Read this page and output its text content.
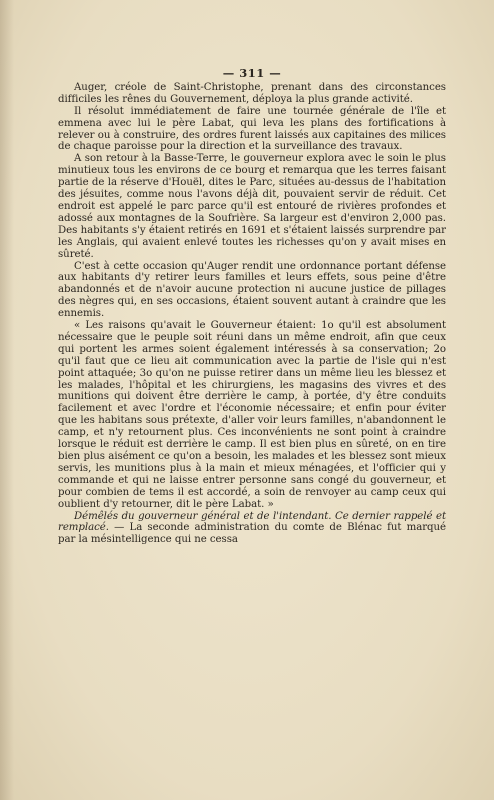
— 311 —

Auger, créole de Saint-Christophe, prenant dans des circonstances difficiles les rênes du Gouvernement, déploya la plus grande activité.

Il résolut immédiatement de faire une tournée générale de l'île et emmena avec lui le père Labat, qui leva les plans des fortifications à relever ou à construire, des ordres furent laissés aux capitaines des milices de chaque paroisse pour la direction et la surveillance des travaux.

A son retour à la Basse-Terre, le gouverneur explora avec le soin le plus minutieux tous les environs de ce bourg et remarqua que les terres faisant partie de la réserve d'Houël, dites le Parc, situées au-dessus de l'habitation des jésuites, comme nous l'avons déjà dit, pouvaient servir de réduit. Cet endroit est appelé le parc parce qu'il est entouré de rivières profondes et adossé aux montagnes de la Soufrière. Sa largeur est d'environ 2,000 pas. Des habitants s'y étaient retirés en 1691 et s'étaient laissés surprendre par les Anglais, qui avaient enlevé toutes les richesses qu'on y avait mises en sûreté.

C'est à cette occasion qu'Auger rendit une ordonnance portant défense aux habitants d'y retirer leurs familles et leurs effets, sous peine d'être abandonnés et de n'avoir aucune protection ni aucune justice de pillages des nègres qui, en ses occasions, étaient souvent autant à craindre que les ennemis.

« Les raisons qu'avait le Gouverneur étaient: 1o qu'il est absolument nécessaire que le peuple soit réuni dans un même endroit, afin que ceux qui portent les armes soient également intéressés à sa conservation; 2o qu'il faut que ce lieu ait communication avec la partie de l'isle qui n'est point attaquée; 3o qu'on ne puisse retirer dans un même lieu les blessez et les malades, l'hôpital et les chirurgiens, les magasins des vivres et des munitions qui doivent être derrière le camp, à portée, d'y être conduits facilement et avec l'ordre et l'économie nécessaire; et enfin pour éviter que les habitans sous prétexte, d'aller voir leurs familles, n'abandonnent le camp, et n'y retournent plus. Ces inconvénients ne sont point à craindre lorsque le réduit est derrière le camp. Il est bien plus en sûreté, on en tire bien plus aisément ce qu'on a besoin, les malades et les blessez sont mieux servis, les munitions plus à la main et mieux ménagées, et l'officier qui y commande et qui ne laisse entrer personne sans congé du gouverneur, et pour combien de tems il est accordé, a soin de renvoyer au camp ceux qui oublient d'y retourner, dit le père Labat. »

Démêlés du gouverneur général et de l'intendant. Ce dernier rappelé et remplacé. — La seconde administration du comte de Blénac fut marqué par la mésintelligence qui ne cessa
